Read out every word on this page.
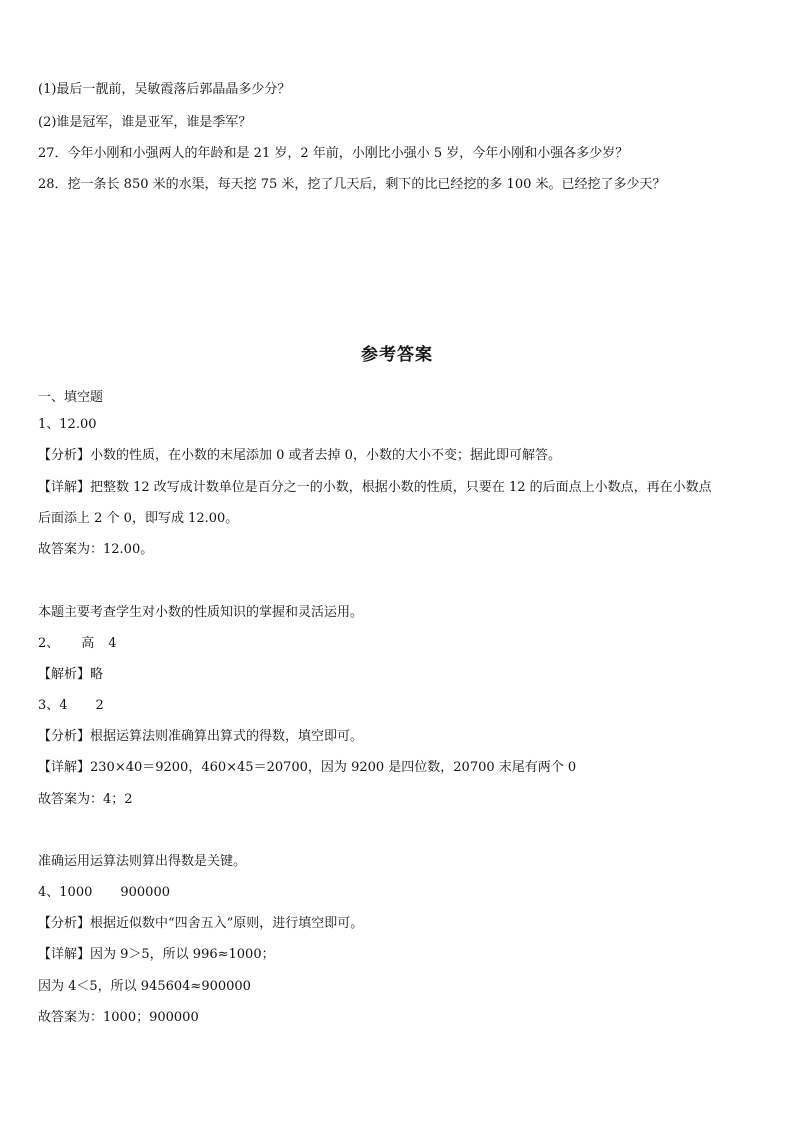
(1)最后一靓前，吴敏霞落后郭晶晶多少分？
(2)谁是冠军，谁是亚军，谁是季军？
27．今年小刚和小强两人的年龄和是 21 岁，2 年前，小刚比小强小 5 岁，今年小刚和小强各多少岁？
28．挖一条长 850 米的水渠，每天挖 75 米，挖了几天后，剩下的比已经挖的多 100 米。已经挖了多少天？
参考答案
一、填空题
1、12.00
【分析】小数的性质，在小数的末尾添加 0 或者去掉 0，小数的大小不变；据此即可解答。
【详解】把整数 12 改写成计数单位是百分之一的小数，根据小数的性质，只要在 12 的后面点上小数点，再在小数点
后面添上 2 个 0，即写成 12.00。
故答案为：12.00。
本题主要考查学生对小数的性质知识的掌握和灵活运用。
2、 高 4
【解析】略
3、4 2
【分析】根据运算法则准确算出算式的得数，填空即可。
【详解】230×40＝9200，460×45＝20700，因为 9200 是四位数，20700 末尾有两个 0
故答案为：4；2
准确运用运算法则算出得数是关键。
4、1000 900000
【分析】根据近似数中“四舍五入”原则，进行填空即可。
【详解】因为 9＞5，所以 996≈1000；
因为 4＜5，所以 945604≈900000
故答案为：1000；900000
